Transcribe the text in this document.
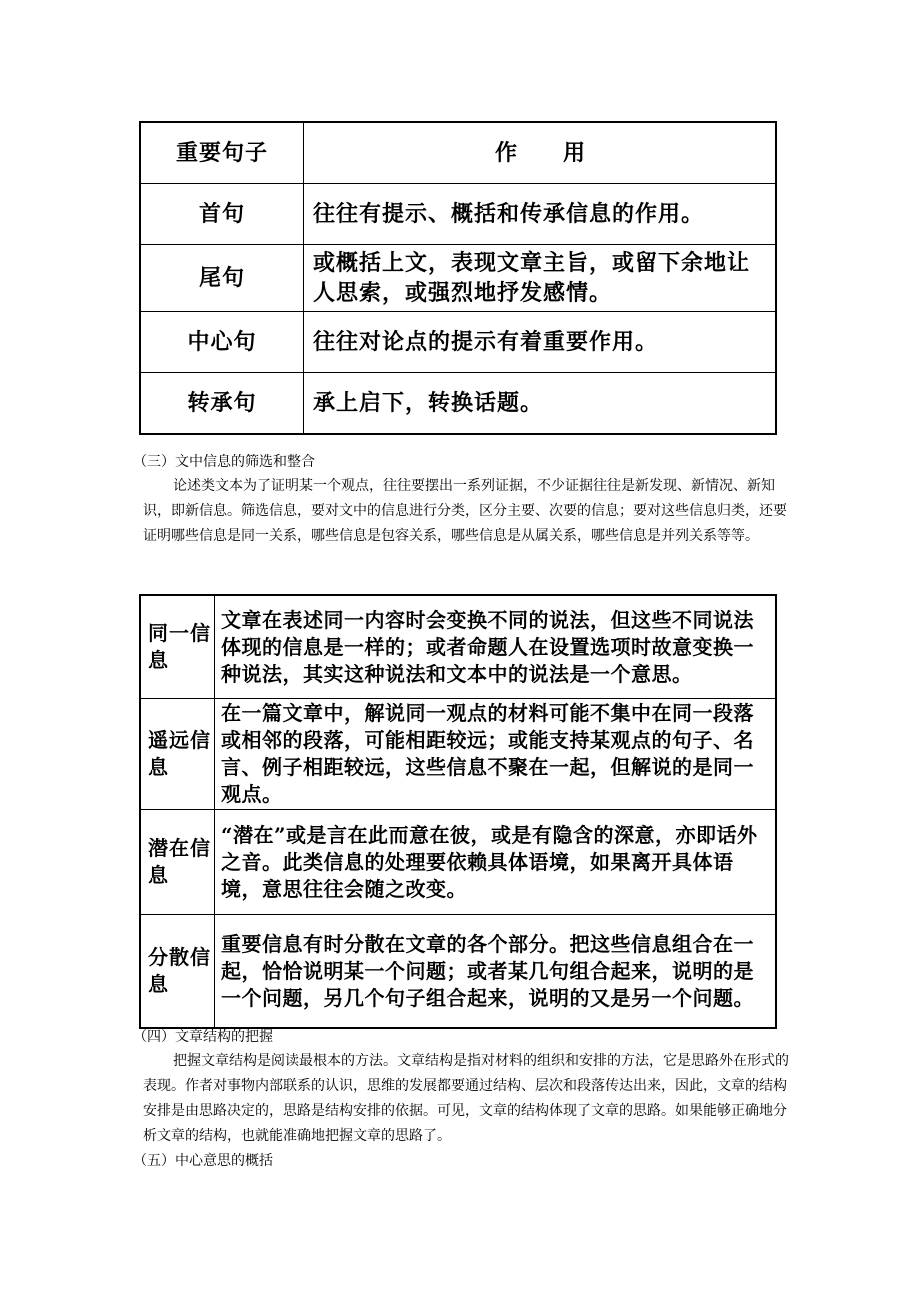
重要句子	作 用
首句	往往有提示、概括和传承信息的作用。
尾句	或概括上文，表现文章主旨，或留下余地让人思索，或强烈地抒发感情。
中心句	往往对论点的提示有着重要作用。
转承句	承上启下，转换话题。

（三）文中信息的筛选和整合

论述类文本为了证明某一个观点，往往要摆出一系列证据，不少证据往往是新发现、新情况、新知识，即新信息。筛选信息，要对文中的信息进行分类，区分主要、次要的信息；要对这些信息归类，还要证明哪些信息是同一关系，哪些信息是包容关系，哪些信息是从属关系，哪些信息是并列关系等等。

同一信息	文章在表述同一内容时会变换不同的说法，但这些不同说法体现的信息是一样的；或者命题人在设置选项时故意变换一种说法，其实这种说法和文本中的说法是一个意思。
遥远信息	在一篇文章中，解说同一观点的材料可能不集中在同一段落或相邻的段落，可能相距较远；或能支持某观点的句子、名言、例子相距较远，这些信息不聚在一起，但解说的是同一观点。
潜在信息	“潜在”或是言在此而意在彼，或是有隐含的深意，亦即话外之音。此类信息的处理要依赖具体语境，如果离开具体语境，意思往往会随之改变。
分散信息	重要信息有时分散在文章的各个部分。把这些信息组合在一起，恰恰说明某一个问题；或者某几句组合起来，说明的是一个问题，另几个句子组合起来，说明的又是另一个问题。

（四）文章结构的把握

把握文章结构是阅读最根本的方法。文章结构是指对材料的组织和安排的方法，它是思路外在形式的表现。作者对事物内部联系的认识，思维的发展都要通过结构、层次和段落传达出来，因此，文章的结构安排是由思路决定的，思路是结构安排的依据。可见，文章的结构体现了文章的思路。如果能够正确地分析文章的结构，也就能准确地把握文章的思路了。

（五）中心意思的概括
